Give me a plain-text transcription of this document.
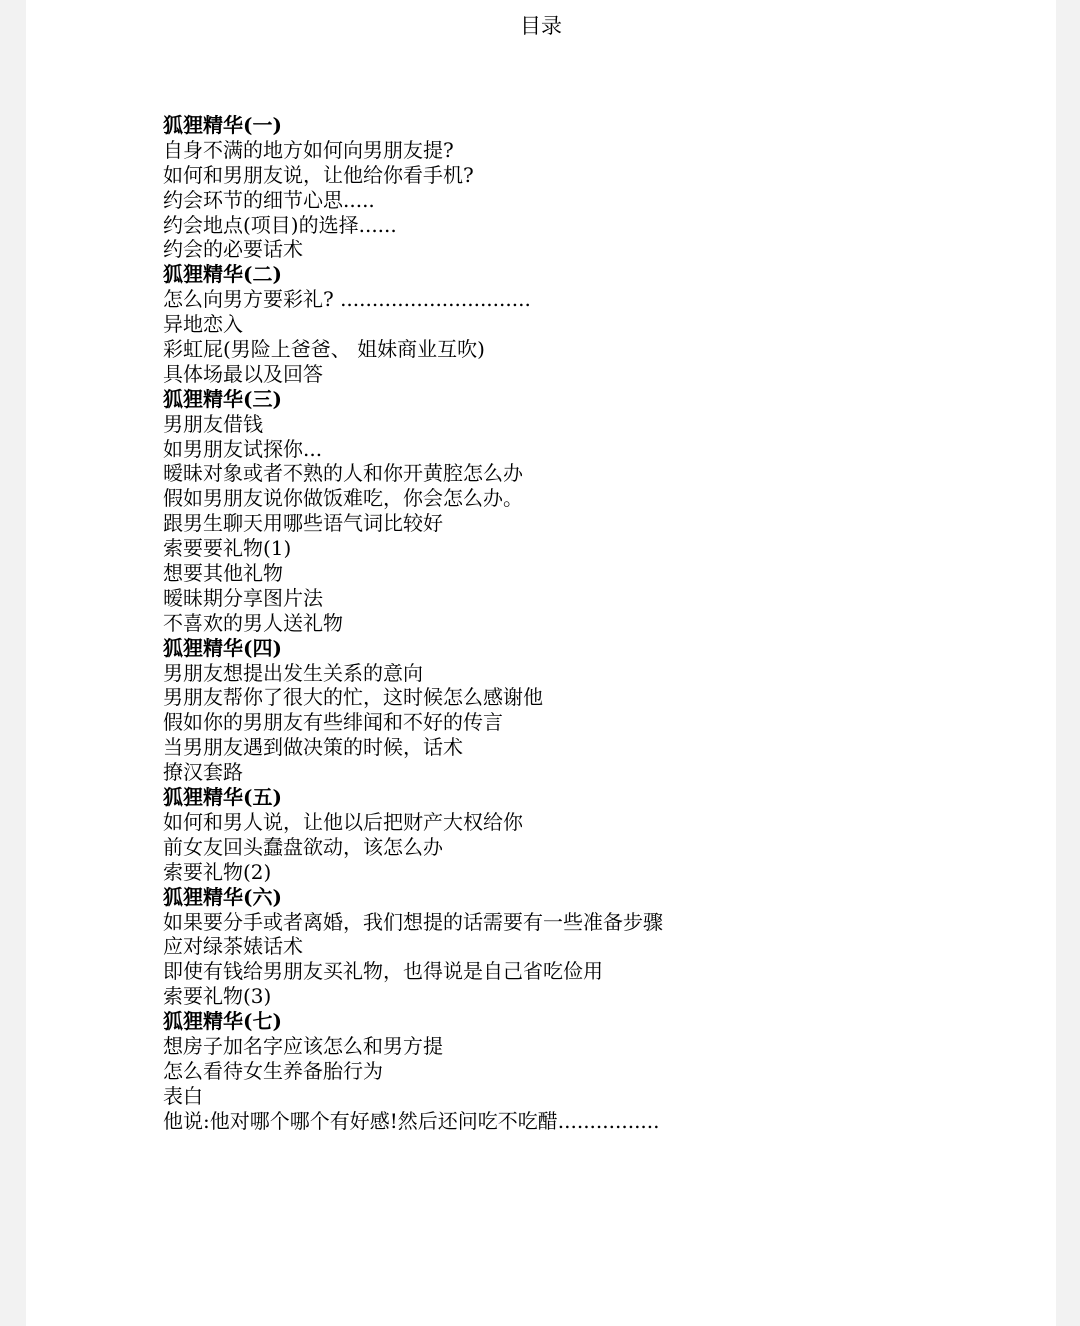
目录
狐狸精华(一)
自身不满的地方如何向男朋友提?
如何和男朋友说，让他给你看手机?
约会环节的细节心思.....
约会地点(项目)的选择......
约会的必要话术
狐狸精华(二)
怎么向男方要彩礼? ..............................
异地恋入
彩虹屁(男险上爸爸、 姐妹商业互吹)
具体场最以及回答
狐狸精华(三)
男朋友借钱
如男朋友试探你...
暧昧对象或者不熟的人和你开黄腔怎么办
假如男朋友说你做饭难吃，你会怎么办。
跟男生聊天用哪些语气词比较好
索要要礼物(1)
想要其他礼物
暧昧期分享图片法
不喜欢的男人送礼物
狐狸精华(四)
男朋友想提出发生关系的意向
男朋友帮你了很大的忙，这时候怎么感谢他
假如你的男朋友有些绯闻和不好的传言
当男朋友遇到做决策的时候，话术
撩汉套路
狐狸精华(五)
如何和男人说，让他以后把财产大权给你
前女友回头蠢盘欲动，该怎么办
索要礼物(2)
狐狸精华(六)
如果要分手或者离婚，我们想提的话需要有一些准备步骤
应对绿茶婊话术
即使有钱给男朋友买礼物，也得说是自己省吃俭用
索要礼物(3)
狐狸精华(七)
想房子加名字应该怎么和男方提
怎么看待女生养备胎行为
表白
他说:他对哪个哪个有好感!然后还问吃不吃醋................
